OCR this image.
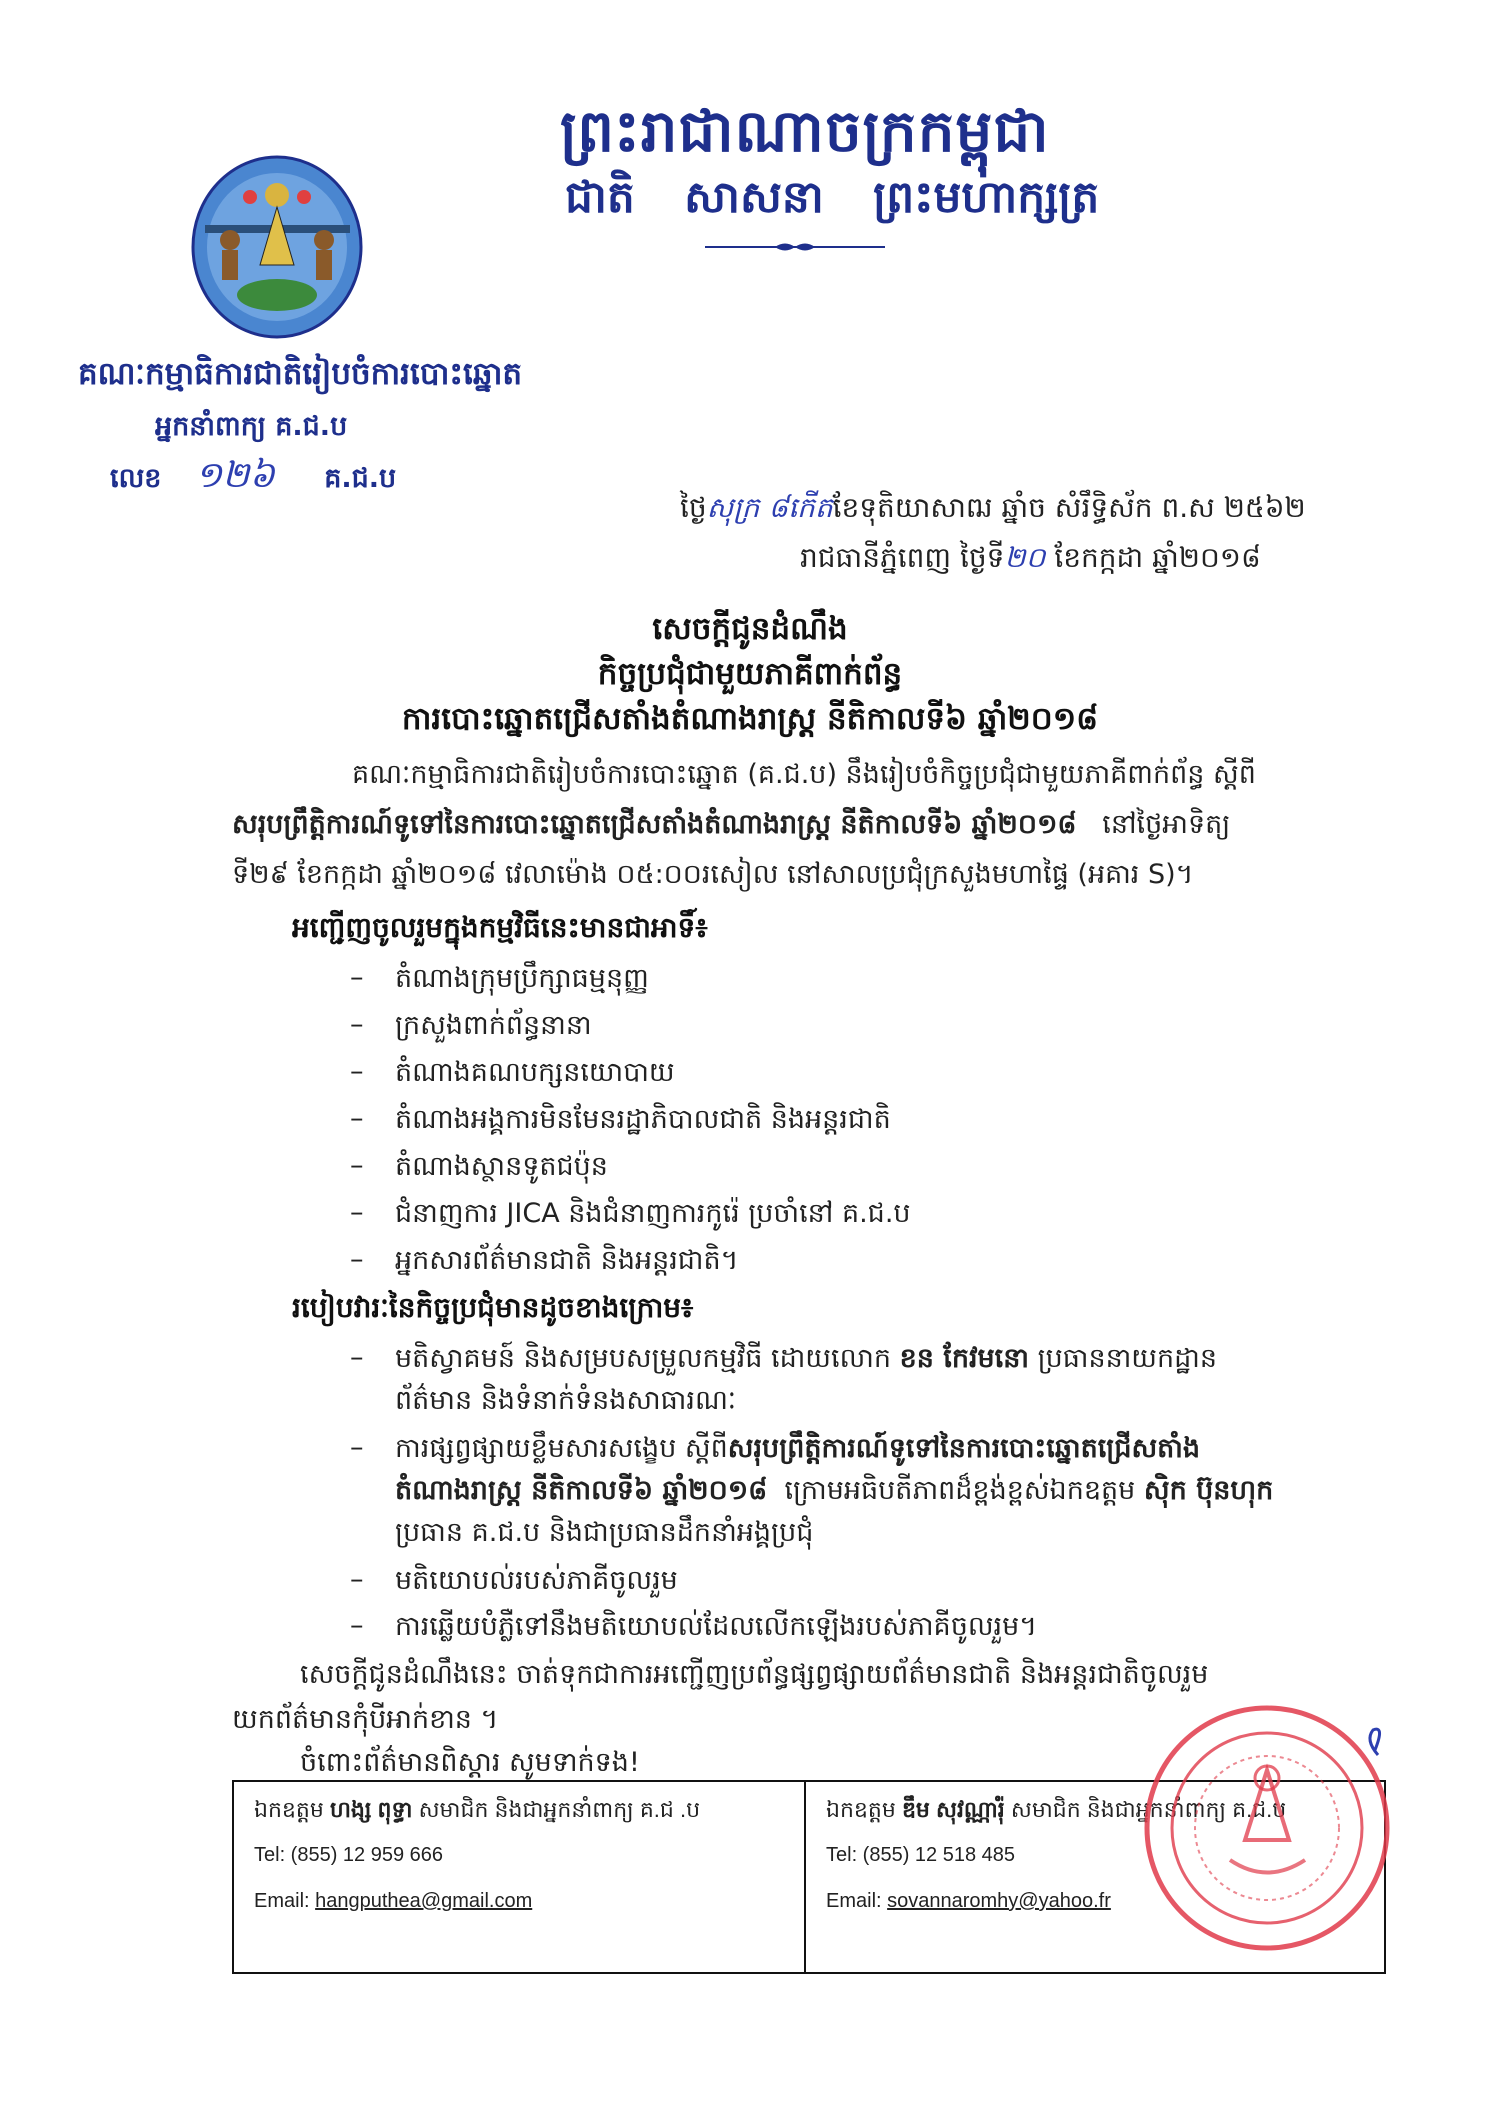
ព្រះរាជាណាចក្រកម្ពុជា
ជាតិ សាសនា ព្រះមហាក្សត្រ
គណៈកម្មាធិការជាតិរៀបចំការបោះឆ្នោត
អ្នកនាំពាក្យ គ.ជ.ប
លេខ ១២៦ គ.ជ.ប
ថ្ងៃសុក្រ ៨កើតខែទុតិយាសាឍ ឆ្នាំច សំរឹទ្ធិស័ក ព.ស ២៥៦២
រាជធានីភ្នំពេញ ថ្ងៃទី២០ ខែកក្កដា ឆ្នាំ២០១៨
សេចក្តីជូនដំណឹង
កិច្ចប្រជុំជាមួយភាគីពាក់ព័ន្ធ
ការបោះឆ្នោតជ្រើសតាំងតំណាងរាស្ត្រ នីតិកាលទី៦ ឆ្នាំ២០១៨
គណៈកម្មាធិការជាតិរៀបចំការបោះឆ្នោត (គ.ជ.ប) នឹងរៀបចំកិច្ចប្រជុំជាមួយភាគីពាក់ព័ន្ធ ស្តីពី
សរុបព្រឹត្តិការណ៍ទូទៅនៃការបោះឆ្នោតជ្រើសតាំងតំណាងរាស្ត្រ នីតិកាលទី៦ ឆ្នាំ២០១៨ នៅថ្ងៃអាទិត្យ
ទី២៩ ខែកក្កដា ឆ្នាំ២០១៨ វេលាម៉ោង ០៥:០០រសៀល នៅសាលប្រជុំក្រសួងមហាផ្ទៃ (អគារ S)។
អញ្ជើញចូលរួមក្នុងកម្មវិធីនេះមានជាអាទិ៍៖
– តំណាងក្រុមប្រឹក្សាធម្មនុញ្ញ
– ក្រសួងពាក់ព័ន្ធនានា
– តំណាងគណបក្សនយោបាយ
– តំណាងអង្គការមិនមែនរដ្ឋាភិបាលជាតិ និងអន្តរជាតិ
– តំណាងស្ថានទូតជប៉ុន
– ជំនាញការ JICA និងជំនាញការកូរ៉េ ប្រចាំនៅ គ.ជ.ប
– អ្នកសារព័ត៌មានជាតិ និងអន្តរជាតិ។
របៀបវារៈនៃកិច្ចប្រជុំមានដូចខាងក្រោម៖
– មតិស្វាគមន៍ និងសម្របសម្រួលកម្មវិធី ដោយលោក ខន កែវមនោ ប្រធាននាយកដ្ឋាន
ព័ត៌មាន និងទំនាក់ទំនងសាធារណៈ
– ការផ្សព្វផ្សាយខ្លឹមសារសង្ខេប ស្តីពីសរុបព្រឹត្តិការណ៍ទូទៅនៃការបោះឆ្នោតជ្រើសតាំង
តំណាងរាស្ត្រ នីតិកាលទី៦ ឆ្នាំ២០១៨ ក្រោមអធិបតីភាពដ៏ខ្ពង់ខ្ពស់ឯកឧត្តម ស៊ិក ប៊ុនហុក
ប្រធាន គ.ជ.ប និងជាប្រធានដឹកនាំអង្គប្រជុំ
– មតិយោបល់របស់ភាគីចូលរួម
– ការឆ្លើយបំភ្លឺទៅនឹងមតិយោបល់ដែលលើកឡើងរបស់ភាគីចូលរួម។
សេចក្តីជូនដំណឹងនេះ ចាត់ទុកជាការអញ្ជើញប្រព័ន្ធផ្សព្វផ្សាយព័ត៌មានជាតិ និងអន្តរជាតិចូលរួម
យកព័ត៌មានកុំបីអាក់ខាន ។
ចំពោះព័ត៌មានពិស្តារ សូមទាក់ទង!
ឯកឧត្តម ហង្ស ពុទ្ធា សមាជិក និងជាអ្នកនាំពាក្យ គ.ជ .ប
Tel: (855) 12 959 666
Email: hangputhea@gmail.com
ឯកឧត្តម ឌឹម សុវណ្ណារ៉ុំ សមាជិក និងជាអ្នកនាំពាក្យ គ.ជ.ប
Tel: (855) 12 518 485
Email: sovannaromhy@yahoo.fr
